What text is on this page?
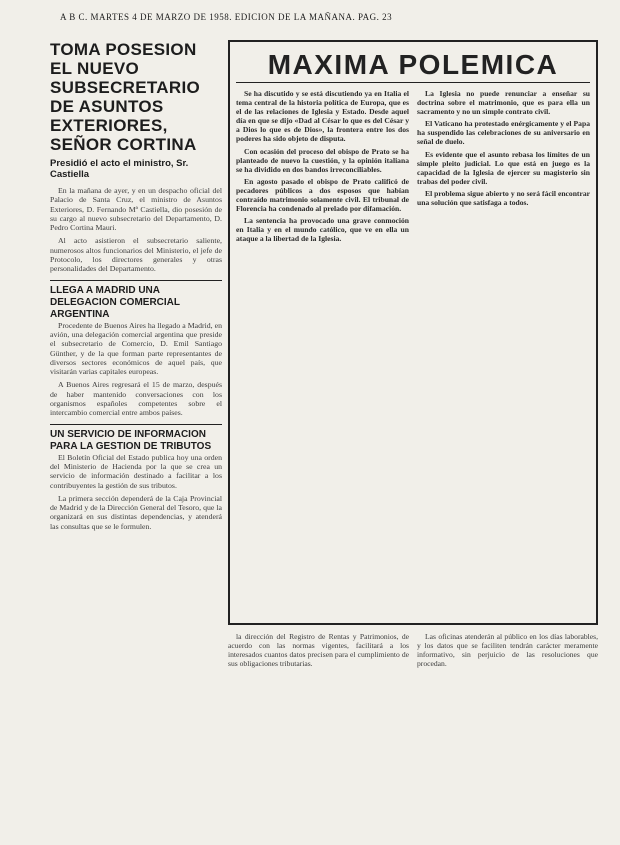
A B C. MARTES 4 DE MARZO DE 1958. EDICION DE LA MAÑANA. PAG. 23
TOMA POSESION EL NUEVO SUBSECRETARIO DE ASUNTOS EXTERIORES, SEÑOR CORTINA
Presidió el acto el ministro, Sr. Castiella

En la mañana de ayer, y en un despacho oficial del Palacio de Santa Cruz, el ministro de Asuntos Exteriores, D. Fernando Mª Castiella, dio posesión de su cargo al nuevo subsecretario del Departamento, D. Pedro Cortina Mauri.

Al acto asistieron el subsecretario saliente, numerosos altos funcionarios del Ministerio, el jefe de Protocolo, los directores generales y otras personalidades del Departamento.

LLEGA A MADRID UNA DELEGACION COMERCIAL ARGENTINA

Procedente de Buenos Aires ha llegado a Madrid, en avión, una delegación comercial argentina que preside el subsecretario de Comercio, D. Emil Santiago Günther, y de la que forman parte representantes de diversos sectores económicos de aquel país, que visitarán varias capitales europeas.

A Buenos Aires regresará el 15 de marzo, después de haber mantenido conversaciones con los organismos españoles competentes sobre el intercambio comercial entre ambos países.

UN SERVICIO DE INFORMACION PARA LA GESTION DE TRIBUTOS

El Boletín Oficial del Estado publica hoy una orden del Ministerio de Hacienda por la que se crea un servicio de información destinado a facilitar a los contribuyentes la gestión de sus tributos.

La primera sección dependerá de la Caja Provincial de Madrid y de la Dirección General del Tesoro, que la organizará en sus distintas dependencias, y atenderá las consultas que se le formulen.

MAXIMA POLEMICA

Se ha discutido y se está discutiendo ya en Italia el tema central de la historia política de Europa, que es el de las relaciones de Iglesia y Estado. Desde aquel día en que se dijo «Dad al César lo que es del César y a Dios lo que es de Dios», la frontera entre los dos poderes ha sido objeto de disputa.

Con ocasión del proceso del obispo de Prato se ha planteado de nuevo la cuestión, y la opinión italiana se ha dividido en dos bandos irreconciliables.

En agosto pasado el obispo de Prato calificó de pecadores públicos a dos esposos que habían contraído matrimonio solamente civil. El tribunal de Florencia ha condenado al prelado por difamación.

La sentencia ha provocado una grave conmoción en Italia y en el mundo católico, que ve en ella un ataque a la libertad de la Iglesia.

La Iglesia no puede renunciar a enseñar su doctrina sobre el matrimonio, que es para ella un sacramento y no un simple contrato civil.

El Vaticano ha protestado enérgicamente y el Papa ha suspendido las celebraciones de su aniversario en señal de duelo.

Es evidente que el asunto rebasa los límites de un simple pleito judicial. Lo que está en juego es la capacidad de la Iglesia de ejercer su magisterio sin trabas del poder civil.

El problema sigue abierto y no será fácil encontrar una solución que satisfaga a todos.

la dirección del Registro de Rentas y Patrimonios, de acuerdo con las normas vigentes, facilitará a los interesados cuantos datos precisen para el cumplimiento de sus obligaciones tributarias.

Las oficinas atenderán al público en los días laborables, y los datos que se faciliten tendrán carácter meramente informativo, sin perjuicio de las resoluciones que procedan.
